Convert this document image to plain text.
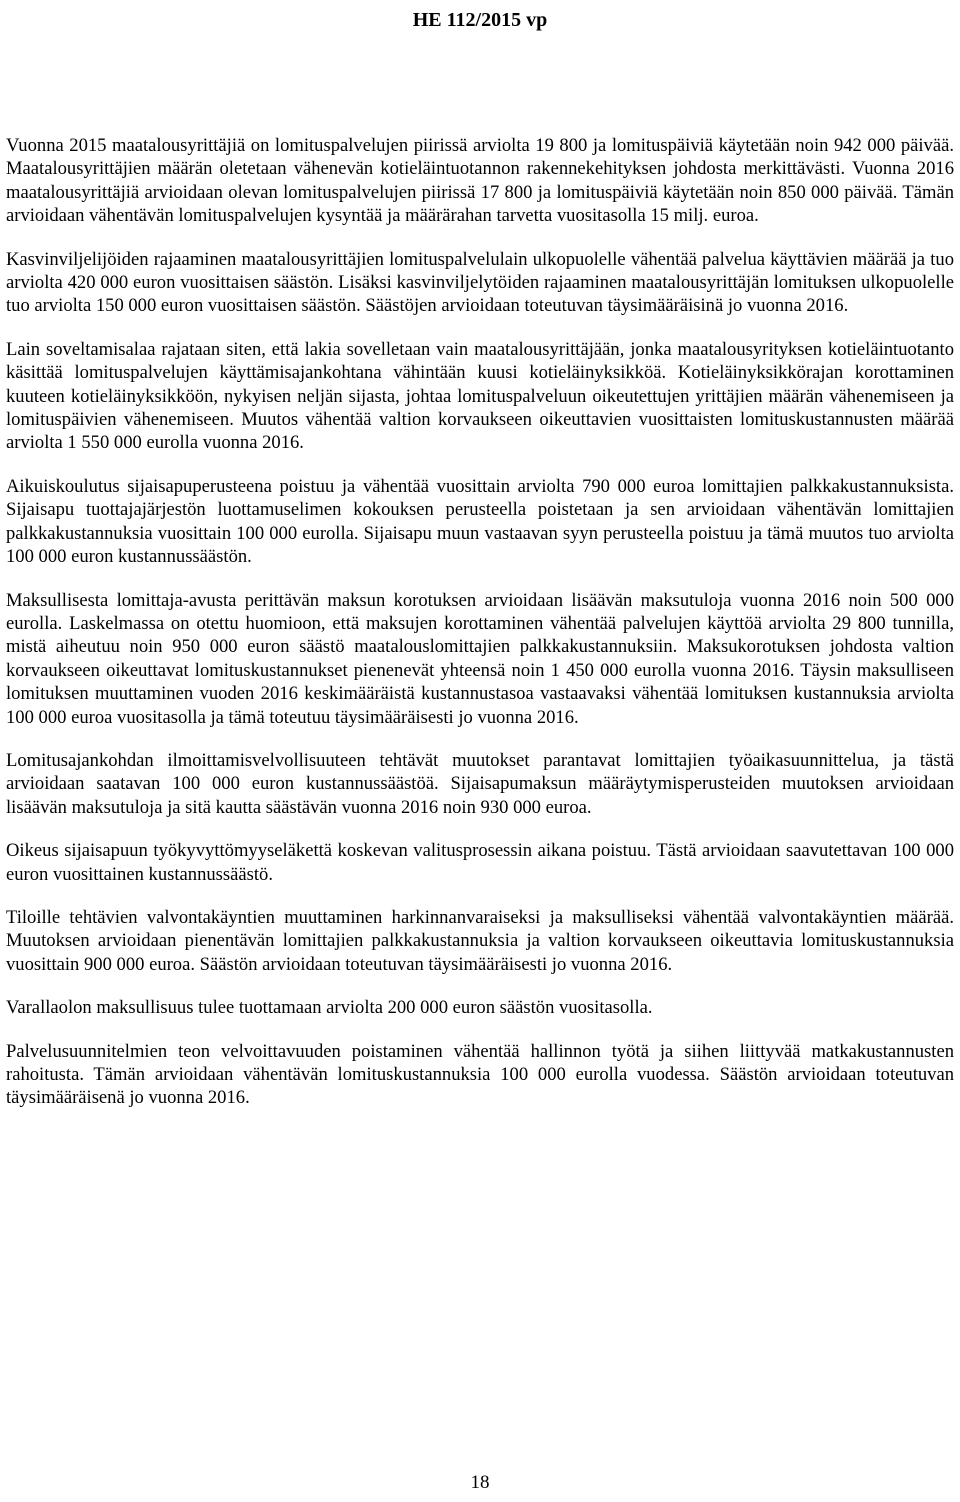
HE 112/2015 vp

Vuonna 2015 maatalousyrittäjiä on lomituspalvelujen piirissä arviolta 19 800 ja lomituspäiviä käytetään noin 942 000 päivää. Maatalousyrittäjien määrän oletetaan vähenevän kotieläintuotannon rakennekehityksen johdosta merkittävästi. Vuonna 2016 maatalousyrittäjiä arvioidaan olevan lomituspalvelujen piirissä 17 800 ja lomituspäiviä käytetään noin 850 000 päivää. Tämän arvioidaan vähentävän lomituspalvelujen kysyntää ja määrärahan tarvetta vuositasolla 15 milj. euroa.

Kasvinviljelijöiden rajaaminen maatalousyrittäjien lomituspalvelulain ulkopuolelle vähentää palvelua käyttävien määrää ja tuo arviolta 420 000 euron vuosittaisen säästön. Lisäksi kasvinviljelytöiden rajaaminen maatalousyrittäjän lomituksen ulkopuolelle tuo arviolta 150 000 euron vuosittaisen säästön. Säästöjen arvioidaan toteutuvan täysimääräisinä jo vuonna 2016.

Lain soveltamisalaa rajataan siten, että lakia sovelletaan vain maatalousyrittäjään, jonka maatalousyrityksen kotieläintuotanto käsittää lomituspalvelujen käyttämisajankohtana vähintään kuusi kotieläinyksikköä. Kotieläinyksikkörajan korottaminen kuuteen kotieläinyksikköön, nykyisen neljän sijasta, johtaa lomituspalveluun oikeutettujen yrittäjien määrän vähenemiseen ja lomituspäivien vähenemiseen. Muutos vähentää valtion korvaukseen oikeuttavien vuosittaisten lomituskustannusten määrää arviolta 1 550 000 eurolla vuonna 2016.

Aikuiskoulutus sijaisapuperusteena poistuu ja vähentää vuosittain arviolta 790 000 euroa lomittajien palkkakustannuksista. Sijaisapu tuottajajärjestön luottamuselimen kokouksen perusteella poistetaan ja sen arvioidaan vähentävän lomittajien palkkakustannuksia vuosittain 100 000 eurolla. Sijaisapu muun vastaavan syyn perusteella poistuu ja tämä muutos tuo arviolta 100 000 euron kustannussäästön.

Maksullisesta lomittaja-avusta perittävän maksun korotuksen arvioidaan lisäävän maksutuloja vuonna 2016 noin 500 000 eurolla. Laskelmassa on otettu huomioon, että maksujen korottaminen vähentää palvelujen käyttöä arviolta 29 800 tunnilla, mistä aiheutuu noin 950 000 euron säästö maatalouslomittajien palkkakustannuksiin. Maksukorotuksen johdosta valtion korvaukseen oikeuttavat lomituskustannukset pienenevät yhteensä noin 1 450 000 eurolla vuonna 2016. Täysin maksulliseen lomituksen muuttaminen vuoden 2016 keskimääräistä kustannustasoa vastaavaksi vähentää lomituksen kustannuksia arviolta 100 000 euroa vuositasolla ja tämä toteutuu täysimääräisesti jo vuonna 2016.

Lomitusajankohdan ilmoittamisvelvollisuuteen tehtävät muutokset parantavat lomittajien työaikasuunnittelua, ja tästä arvioidaan saatavan 100 000 euron kustannussäästöä. Sijaisapumaksun määräytymisperusteiden muutoksen arvioidaan lisäävän maksutuloja ja sitä kautta säästävän vuonna 2016 noin 930 000 euroa.

Oikeus sijaisapuun työkyvyttömyyseläkettä koskevan valitusprosessin aikana poistuu. Tästä arvioidaan saavutettavan 100 000 euron vuosittainen kustannussäästö.

Tiloille tehtävien valvontakäyntien muuttaminen harkinnanvaraiseksi ja maksulliseksi vähentää valvontakäyntien määrää. Muutoksen arvioidaan pienentävän lomittajien palkkakustannuksia ja valtion korvaukseen oikeuttavia lomituskustannuksia vuosittain 900 000 euroa. Säästön arvioidaan toteutuvan täysimääräisesti jo vuonna 2016.

Varallaolon maksullisuus tulee tuottamaan arviolta 200 000 euron säästön vuositasolla.

Palvelusuunnitelmien teon velvoittavuuden poistaminen vähentää hallinnon työtä ja siihen liittyvää matkakustannusten rahoitusta. Tämän arvioidaan vähentävän lomituskustannuksia 100 000 eurolla vuodessa. Säästön arvioidaan toteutuvan täysimääräisenä jo vuonna 2016.

18
